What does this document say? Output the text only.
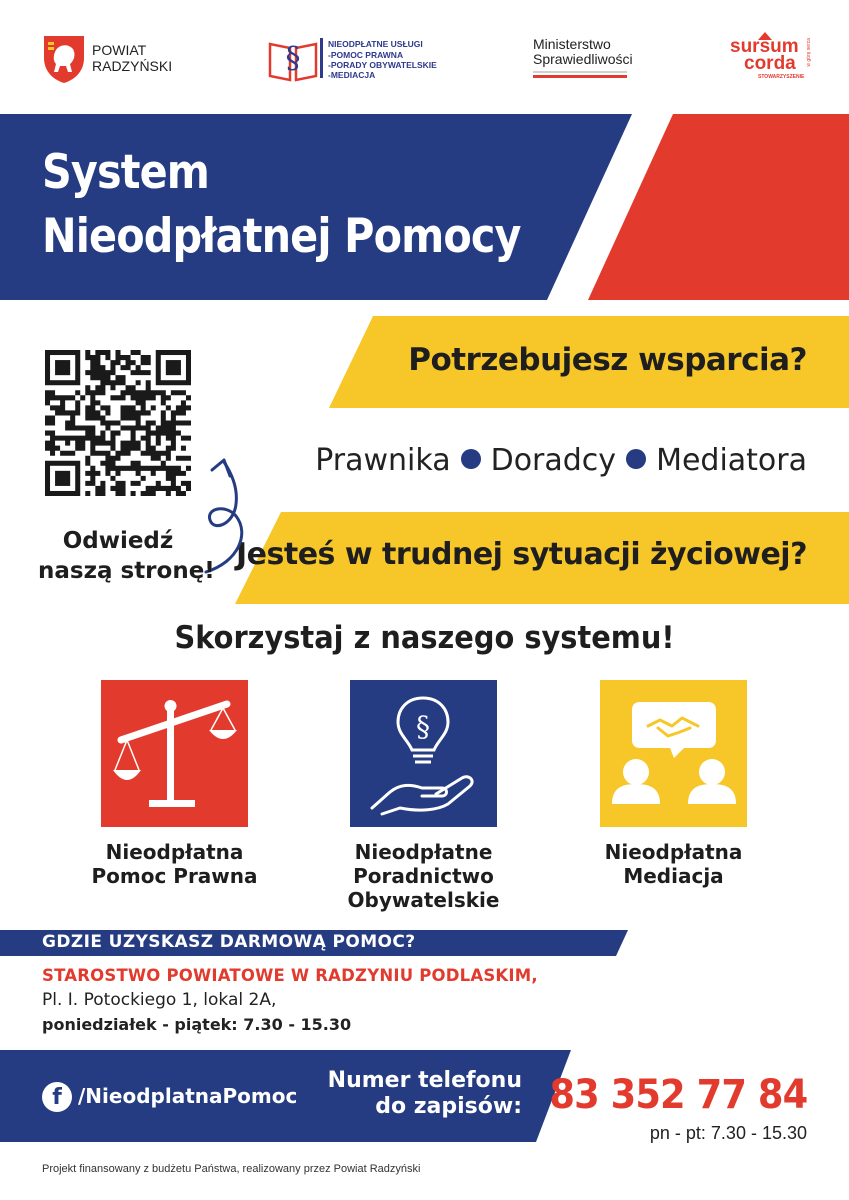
POWIAT
RADZYŃSKI	§	NIEODPŁATNE USŁUGI
-POMOC PRAWNA
-PORADY OBYWATELSKIE
-MEDIACJA
Ministerstwo
Sprawiedliwości
sursum
corda
STOWARZYSZENIE
w górę serca
System
Nieodpłatnej Pomocy
Potrzebujesz wsparcia?
Prawnika Doradcy Mediatora
Jesteś w trudnej sytuacji życiowej?
Odwiedź
naszą stronę!
Skorzystaj z naszego systemu!
Nieodpłatna
Pomoc Prawna
§
Nieodpłatne
Poradnictwo
Obywatelskie
Nieodpłatna
Mediacja
GDZIE UZYSKASZ DARMOWĄ POMOC?
STAROSTWO POWIATOWE W RADZYNIU PODLASKIM,
Pl. I. Potockiego 1, lokal 2A,
poniedziałek - piątek: 7.30 - 15.30
f /NieodplatnaPomoc
Numer telefonu
do zapisów: 83 352 77 84
pn - pt: 7.30 - 15.30
Projekt finansowany z budżetu Państwa, realizowany przez Powiat Radzyński
